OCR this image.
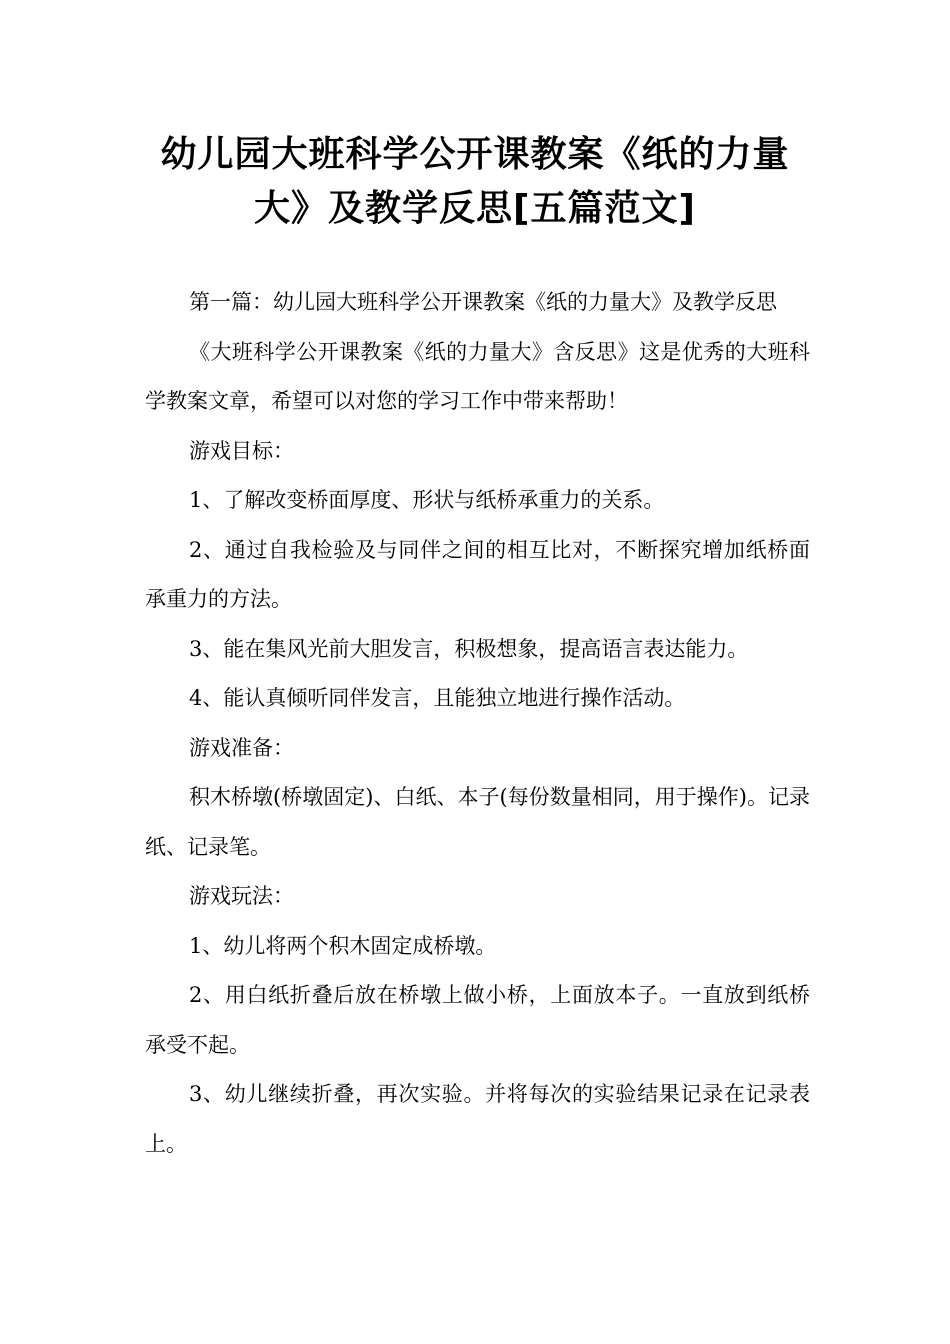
幼儿园大班科学公开课教案《纸的力量
大》及教学反思[五篇范文]

第一篇：幼儿园大班科学公开课教案《纸的力量大》及教学反思

《大班科学公开课教案《纸的力量大》含反思》这是优秀的大班科学教案文章，希望可以对您的学习工作中带来帮助！

游戏目标：

1、了解改变桥面厚度、形状与纸桥承重力的关系。

2、通过自我检验及与同伴之间的相互比对，不断探究增加纸桥面承重力的方法。

3、能在集风光前大胆发言，积极想象，提高语言表达能力。

4、能认真倾听同伴发言，且能独立地进行操作活动。

游戏准备：

积木桥墩(桥墩固定)、白纸、本子(每份数量相同，用于操作)。记录纸、记录笔。

游戏玩法：

1、幼儿将两个积木固定成桥墩。

2、用白纸折叠后放在桥墩上做小桥，上面放本子。一直放到纸桥承受不起。

3、幼儿继续折叠，再次实验。并将每次的实验结果记录在记录表上。
